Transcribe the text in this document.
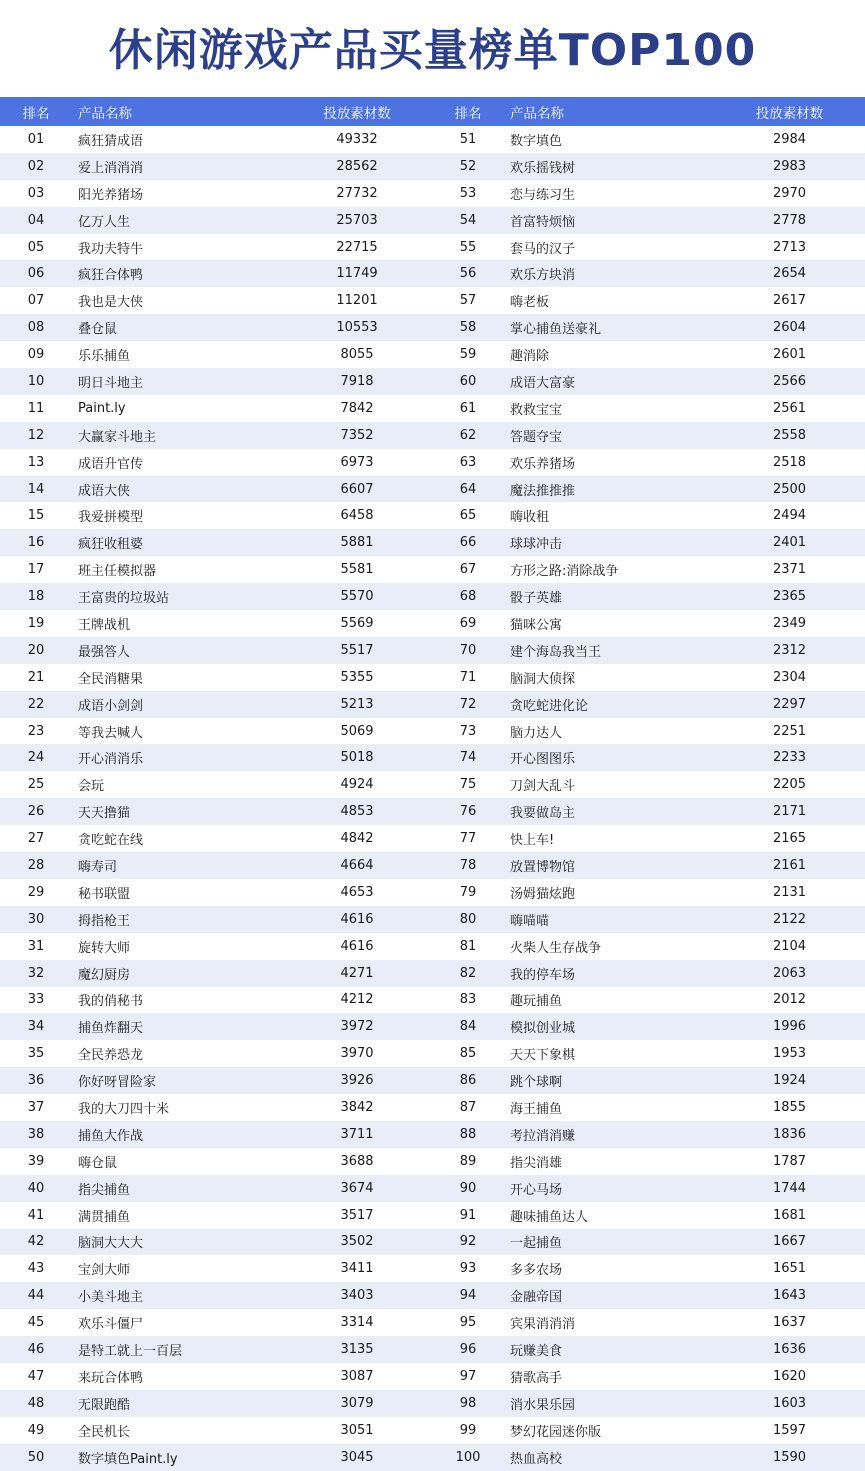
休闲游戏产品买量榜单TOP100
排名	产品名称	投放素材数	排名	产品名称	投放素材数
01	疯狂猜成语	49332	51	数字填色	2984
02	爱上消消消	28562	52	欢乐摇钱树	2983
03	阳光养猪场	27732	53	恋与练习生	2970
04	亿万人生	25703	54	首富特烦恼	2778
05	我功夫特牛	22715	55	套马的汉子	2713
06	疯狂合体鸭	11749	56	欢乐方块消	2654
07	我也是大侠	11201	57	嗨老板	2617
08	叠仓鼠	10553	58	掌心捕鱼送豪礼	2604
09	乐乐捕鱼	8055	59	趣消除	2601
10	明日斗地主	7918	60	成语大富豪	2566
11	Paint.ly	7842	61	救救宝宝	2561
12	大赢家斗地主	7352	62	答题夺宝	2558
13	成语升官传	6973	63	欢乐养猪场	2518
14	成语大侠	6607	64	魔法推推推	2500
15	我爱拼模型	6458	65	嗨收租	2494
16	疯狂收租婆	5881	66	球球冲击	2401
17	班主任模拟器	5581	67	方形之路:消除战争	2371
18	王富贵的垃圾站	5570	68	骰子英雄	2365
19	王牌战机	5569	69	猫咪公寓	2349
20	最强答人	5517	70	建个海岛我当王	2312
21	全民消糖果	5355	71	脑洞大侦探	2304
22	成语小剑剑	5213	72	贪吃蛇进化论	2297
23	等我去喊人	5069	73	脑力达人	2251
24	开心消消乐	5018	74	开心图图乐	2233
25	会玩	4924	75	刀剑大乱斗	2205
26	天天撸猫	4853	76	我要做岛主	2171
27	贪吃蛇在线	4842	77	快上车!	2165
28	嗨寿司	4664	78	放置博物馆	2161
29	秘书联盟	4653	79	汤姆猫炫跑	2131
30	拇指枪王	4616	80	嗨喵喵	2122
31	旋转大师	4616	81	火柴人生存战争	2104
32	魔幻厨房	4271	82	我的停车场	2063
33	我的俏秘书	4212	83	趣玩捕鱼	2012
34	捕鱼炸翻天	3972	84	模拟创业城	1996
35	全民养恐龙	3970	85	天天下象棋	1953
36	你好呀冒险家	3926	86	跳个球啊	1924
37	我的大刀四十米	3842	87	海王捕鱼	1855
38	捕鱼大作战	3711	88	考拉消消赚	1836
39	嗨仓鼠	3688	89	指尖消雄	1787
40	指尖捕鱼	3674	90	开心马场	1744
41	满贯捕鱼	3517	91	趣味捕鱼达人	1681
42	脑洞大大大	3502	92	一起捕鱼	1667
43	宝剑大师	3411	93	多多农场	1651
44	小美斗地主	3403	94	金融帝国	1643
45	欢乐斗僵尸	3314	95	宾果消消消	1637
46	是特工就上一百层	3135	96	玩赚美食	1636
47	来玩合体鸭	3087	97	猜歌高手	1620
48	无限跑酷	3079	98	消水果乐园	1603
49	全民机长	3051	99	梦幻花园迷你版	1597
50	数字填色Paint.ly	3045	100	热血高校	1590
